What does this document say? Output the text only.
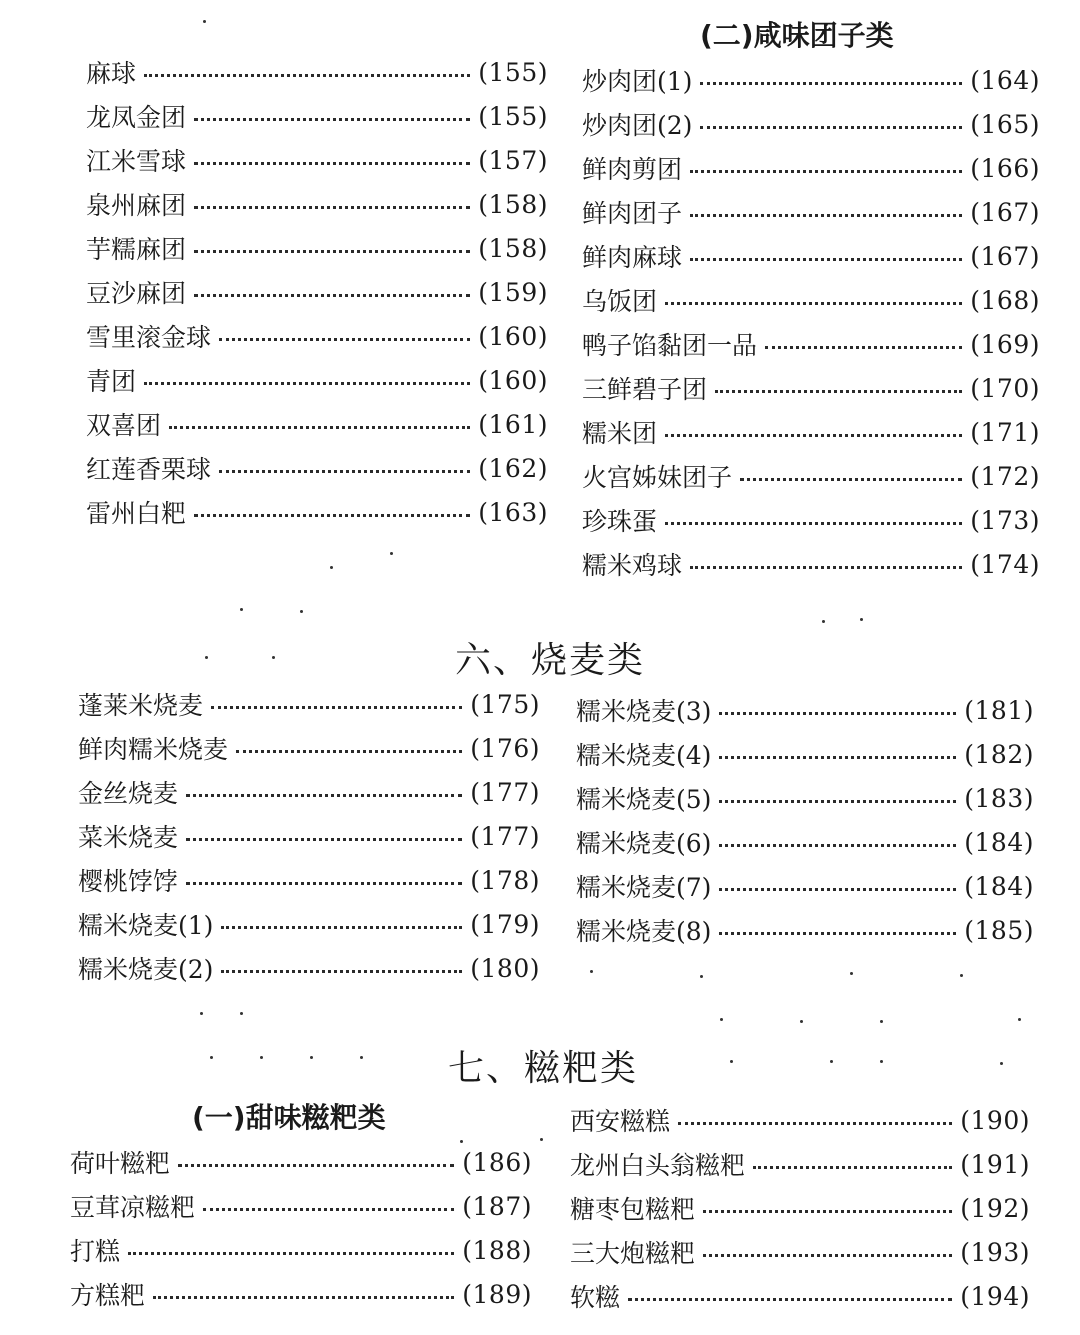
(二)咸味团子类
麻球	(155)
龙凤金团	(155)
江米雪球	(157)
泉州麻团	(158)
芋糯麻团	(158)
豆沙麻团	(159)
雪里滚金球	(160)
青团	(160)
双喜团	(161)
红莲香栗球	(162)
雷州白粑	(163)
炒肉团(1)	(164)
炒肉团(2)	(165)
鲜肉剪团	(166)
鲜肉团子	(167)
鲜肉麻球	(167)
乌饭团	(168)
鸭子馅黏团一品	(169)
三鲜碧子团	(170)
糯米团	(171)
火宫姊妹团子	(172)
珍珠蛋	(173)
糯米鸡球	(174)
六、烧麦类
蓬莱米烧麦	(175)
鲜肉糯米烧麦	(176)
金丝烧麦	(177)
菜米烧麦	(177)
樱桃饽饽	(178)
糯米烧麦(1)	(179)
糯米烧麦(2)	(180)
糯米烧麦(3)	(181)
糯米烧麦(4)	(182)
糯米烧麦(5)	(183)
糯米烧麦(6)	(184)
糯米烧麦(7)	(184)
糯米烧麦(8)	(185)
七、糍粑类
(一)甜味糍粑类
荷叶糍粑	(186)
豆茸凉糍粑	(187)
打糕	(188)
方糕粑	(189)
西安糍糕	(190)
龙州白头翁糍粑	(191)
糖枣包糍粑	(192)
三大炮糍粑	(193)
软糍	(194)
